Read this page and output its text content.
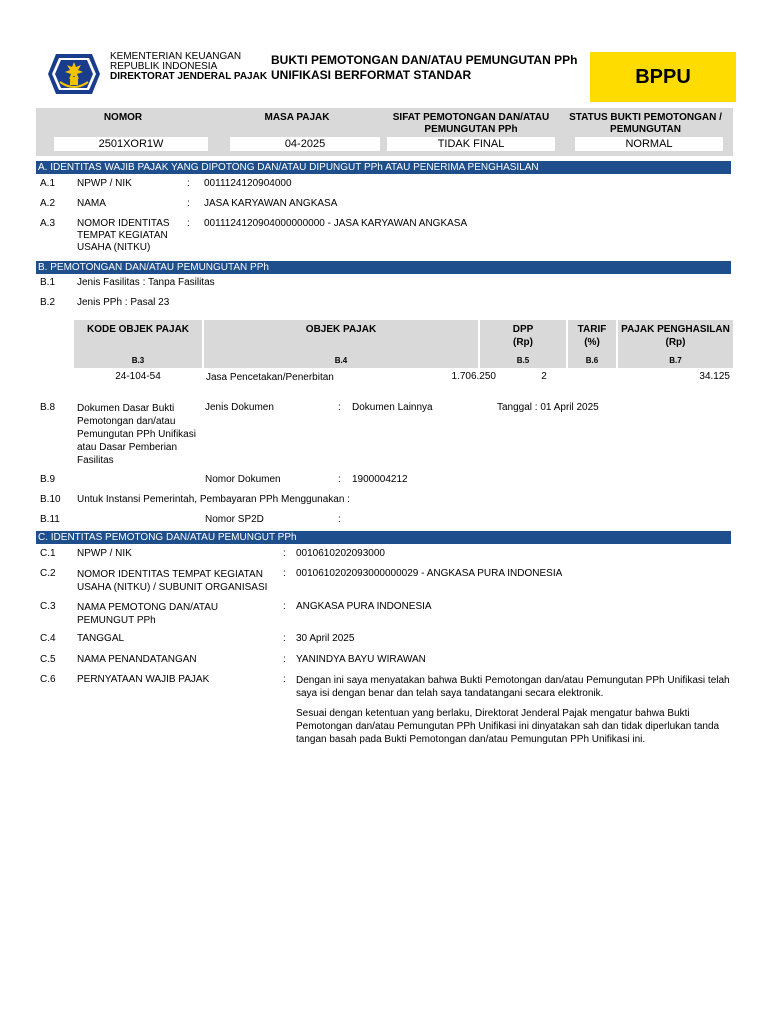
KEMENTERIAN KEUANGAN
REPUBLIK INDONESIA
DIREKTORAT JENDERAL PAJAK
BUKTI PEMOTONGAN DAN/ATAU PEMUNGUTAN PPh
UNIFIKASI BERFORMAT STANDAR	BPPU
NOMOR
2501XOR1W
MASA PAJAK
04-2025
SIFAT PEMOTONGAN DAN/ATAU PEMUNGUTAN PPh
TIDAK FINAL
STATUS BUKTI PEMOTONGAN / PEMUNGUTAN
NORMAL
A. IDENTITAS WAJIB PAJAK YANG DIPOTONG DAN/ATAU DIPUNGUT PPh ATAU PENERIMA PENGHASILAN
A.1 NPWP / NIK	: 0011124120904000
A.2 NAMA	: JASA KARYAWAN ANGKASA
A.3 NOMOR IDENTITAS TEMPAT KEGIATAN USAHA (NITKU)
: 0011124120904000000000 - JASA KARYAWAN ANGKASA
B. PEMOTONGAN DAN/ATAU PEMUNGUTAN PPh
B.1 Jenis Fasilitas : Tanpa Fasilitas
B.2 Jenis PPh : Pasal 23
KODE OBJEK PAJAK
B.3
OBJEK PAJAK
B.4
DPP
(Rp)
B.5
TARIF
(%)
B.6
PAJAK PENGHASILAN
(Rp)
B.7
24-104-54	Jasa Pencetakan/Penerbitan	1.706.250	2	34.125
B.8 Dokumen Dasar Bukti Pemotongan dan/atau Pemungutan PPh Unifikasi atau Dasar Pemberian Fasilitas
Jenis Dokumen	: Dokumen Lainnya	Tanggal : 01 April 2025
B.9	Nomor Dokumen	: 1900004212
B.10 Untuk Instansi Pemerintah, Pembayaran PPh Menggunakan :
B.11	Nomor SP2D	:
C. IDENTITAS PEMOTONG DAN/ATAU PEMUNGUT PPh
C.1 NPWP / NIK	: 0010610202093000
C.2 NOMOR IDENTITAS TEMPAT KEGIATAN USAHA (NITKU) / SUBUNIT ORGANISASI
: 0010610202093000000029 - ANGKASA PURA INDONESIA
C.3 NAMA PEMOTONG DAN/ATAU PEMUNGUT PPh
: ANGKASA PURA INDONESIA
C.4 TANGGAL	: 30 April 2025
C.5 NAMA PENANDATANGAN	: YANINDYA BAYU WIRAWAN
C.6 PERNYATAAN WAJIB PAJAK	: Dengan ini saya menyatakan bahwa Bukti Pemotongan dan/atau Pemungutan PPh Unifikasi telah saya isi dengan benar dan telah saya tandatangani secara elektronik.
Sesuai dengan ketentuan yang berlaku, Direktorat Jenderal Pajak mengatur bahwa Bukti Pemotongan dan/atau Pemungutan PPh Unifikasi ini dinyatakan sah dan tidak diperlukan tanda tangan basah pada Bukti Pemotongan dan/atau Pemungutan PPh Unifikasi ini.
